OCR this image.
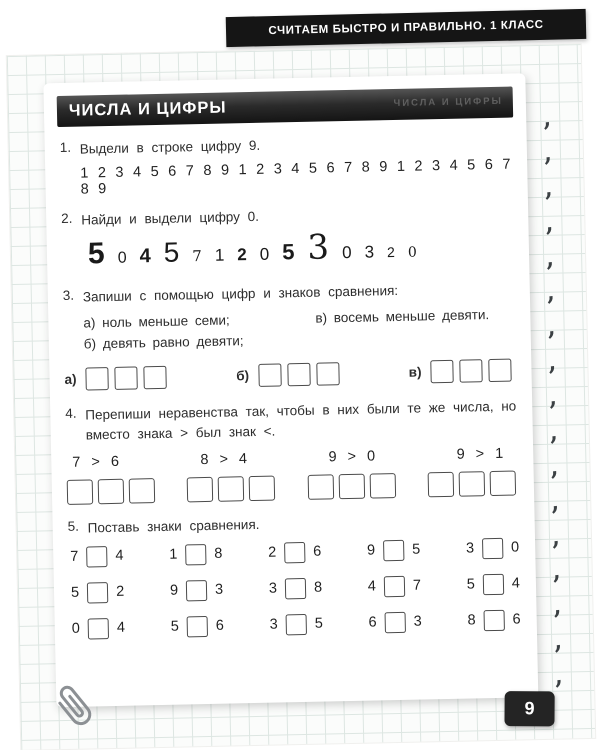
СЧИТАЕМ БЫСТРО И ПРАВИЛЬНО. 1 КЛАСС
ЧИСЛА И ЦИФРЫ	ЧИСЛА И ЦИФРЫ
1. Выдели в строке цифру 9.
1 2 3 4 5 6 7 8 9 1 2 3 4 5 6 7 8 9 1 2 3 4 5 6 7 8 9
2. Найди и выдели цифру 0.
5 0 4 5 7 1 2 0 5 3 0 3 2 0
3. Запиши с помощью цифр и знаков сравнения:
а) ноль меньше семи;	в) восемь меньше девяти.
б) девять равно девяти;
а)	б)	в)
4. Перепиши неравенства так, чтобы в них были те же числа, но вместо знака > был знак <.
7 > 6	8 > 4	9 > 0	9 > 1
5. Поставь знаки сравнения.
7	4	1	8	2	6	9	5	3	0
5	2	9	3	3	8	4	7	5	4
0	4	5	6	3	5	6	3	8	6
,
,
,
,
,
,
,
,
,
,
,
,
,
,
,
,
,
9
